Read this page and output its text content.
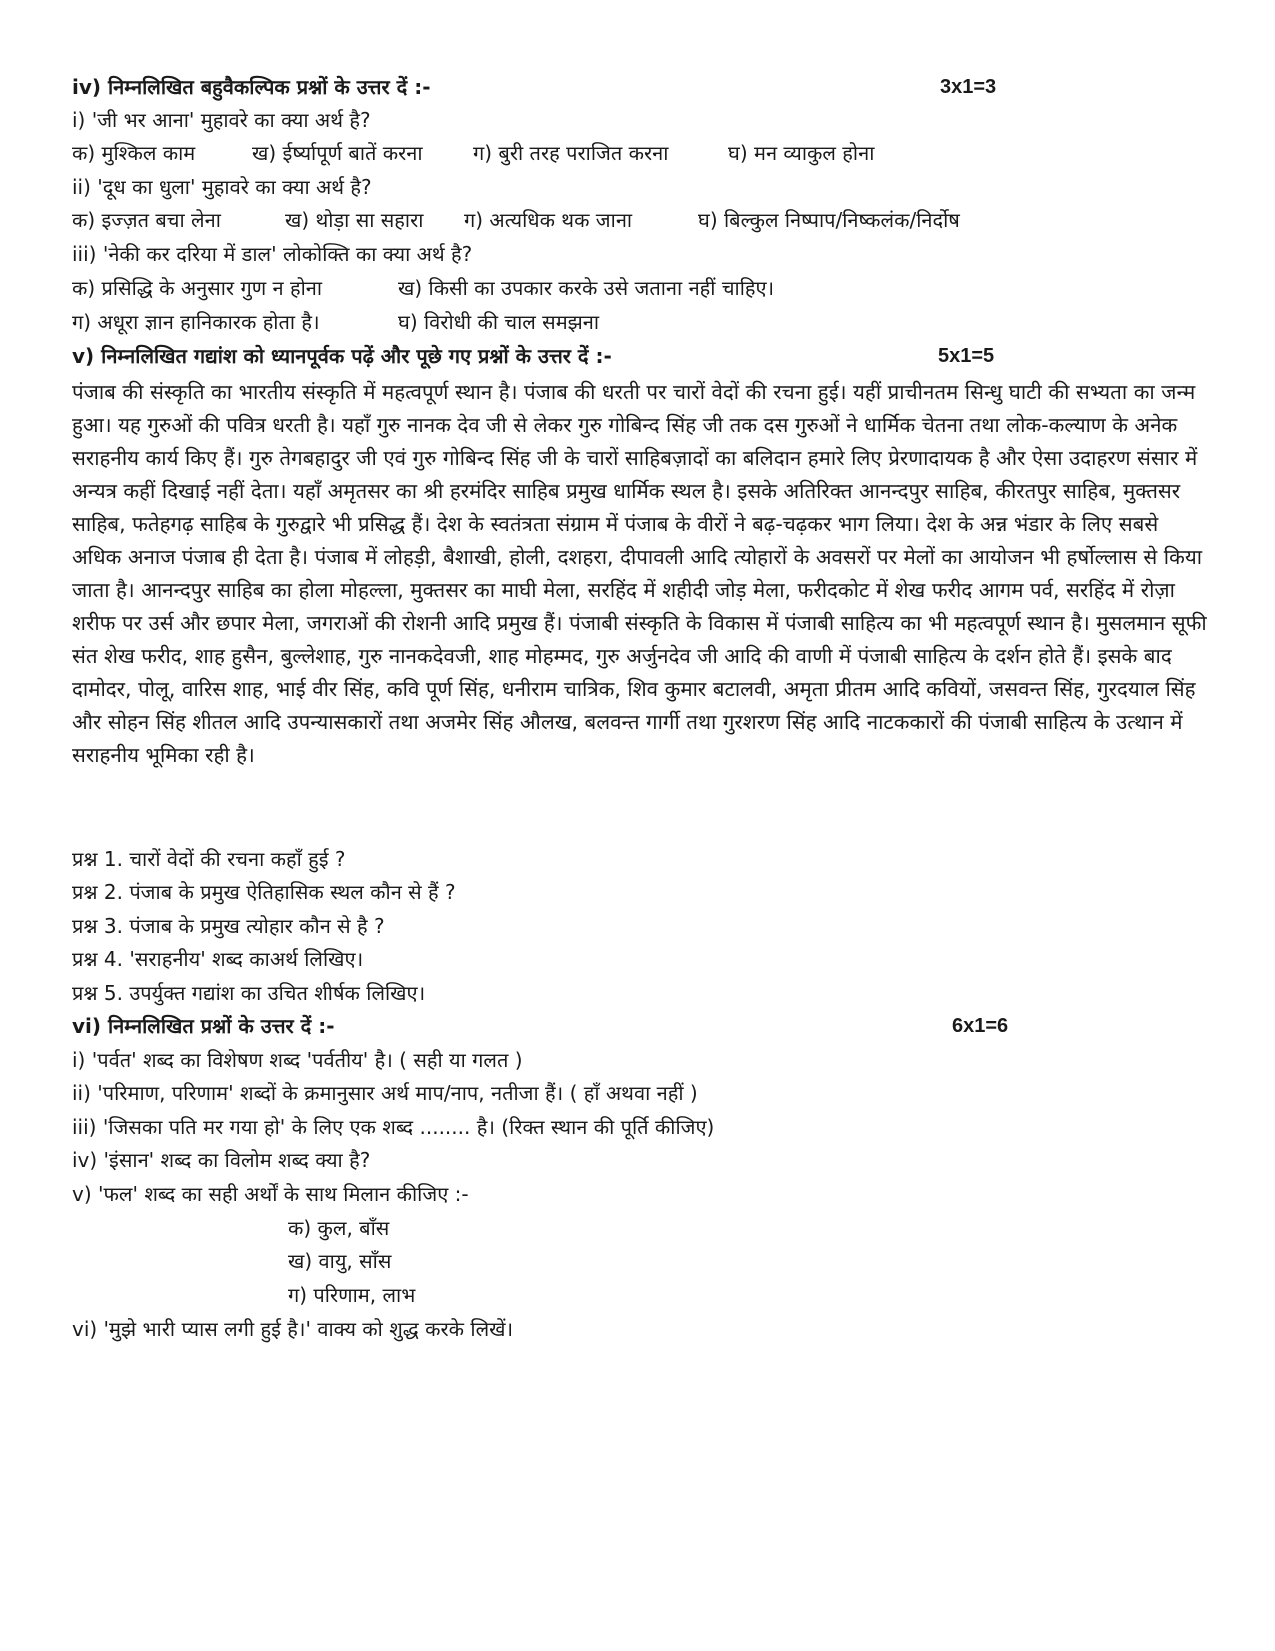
iv) निम्नलिखित बहुवैकल्पिक प्रश्नों के उत्तर दें :-	3x1=3
i) 'जी भर आना' मुहावरे का क्या अर्थ है?
क) मुश्किल काम	ख) ईर्ष्यापूर्ण बातें करना	ग) बुरी तरह पराजित करना	घ) मन व्याकुल होना
ii) 'दूध का धुला' मुहावरे का क्या अर्थ है?
क) इज्ज़त बचा लेना	ख) थोड़ा सा सहारा ग) अत्यधिक थक जाना	घ) बिल्कुल निष्पाप/निष्कलंक/निर्दोष
iii) 'नेकी कर दरिया में डाल' लोकोक्ति का क्या अर्थ है?
क) प्रसिद्धि के अनुसार गुण न होना	ख) किसी का उपकार करके उसे जताना नहीं चाहिए।
ग) अधूरा ज्ञान हानिकारक होता है।	घ) विरोधी की चाल समझना
v) निम्नलिखित गद्यांश को ध्यानपूर्वक पढ़ें और पूछे गए प्रश्नों के उत्तर दें :-	5x1=5
पंजाब की संस्कृति का भारतीय संस्कृति में महत्वपूर्ण स्थान है। पंजाब की धरती पर चारों वेदों की रचना हुई। यहीं प्राचीनतम सिन्धु घाटी की सभ्यता का जन्म हुआ। यह गुरुओं की पवित्र धरती है। यहाँ गुरु नानक देव जी से लेकर गुरु गोबिन्द सिंह जी तक दस गुरुओं ने धार्मिक चेतना तथा लोक-कल्याण के अनेक सराहनीय कार्य किए हैं। गुरु तेगबहादुर जी एवं गुरु गोबिन्द सिंह जी के चारों साहिबज़ादों का बलिदान हमारे लिए प्रेरणादायक है और ऐसा उदाहरण संसार में अन्यत्र कहीं दिखाई नहीं देता। यहाँ अमृतसर का श्री हरमंदिर साहिब प्रमुख धार्मिक स्थल है। इसके अतिरिक्त आनन्दपुर साहिब, कीरतपुर साहिब, मुक्तसर साहिब, फतेहगढ़ साहिब के गुरुद्वारे भी प्रसिद्ध हैं। देश के स्वतंत्रता संग्राम में पंजाब के वीरों ने बढ़-चढ़कर भाग लिया। देश के अन्न भंडार के लिए सबसे अधिक अनाज पंजाब ही देता है। पंजाब में लोहड़ी, बैशाखी, होली, दशहरा, दीपावली आदि त्योहारों के अवसरों पर मेलों का आयोजन भी हर्षोल्लास से किया जाता है। आनन्दपुर साहिब का होला मोहल्ला, मुक्तसर का माघी मेला, सरहिंद में शहीदी जोड़ मेला, फरीदकोट में शेख फरीद आगम पर्व, सरहिंद में रोज़ा शरीफ पर उर्स और छपार मेला, जगराओं की रोशनी आदि प्रमुख हैं। पंजाबी संस्कृति के विकास में पंजाबी साहित्य का भी महत्वपूर्ण स्थान है। मुसलमान सूफी संत शेख फरीद, शाह हुसैन, बुल्लेशाह, गुरु नानकदेवजी, शाह मोहम्मद, गुरु अर्जुनदेव जी आदि की वाणी में पंजाबी साहित्य के दर्शन होते हैं। इसके बाद दामोदर, पोलू, वारिस शाह, भाई वीर सिंह, कवि पूर्ण सिंह, धनीराम चात्रिक, शिव कुमार बटालवी, अमृता प्रीतम आदि कवियों, जसवन्त सिंह, गुरदयाल सिंह और सोहन सिंह शीतल आदि उपन्यासकारों तथा अजमेर सिंह औलख, बलवन्त गार्गी तथा गुरशरण सिंह आदि नाटककारों की पंजाबी साहित्य के उत्थान में सराहनीय भूमिका रही है।
प्रश्न 1. चारों वेदों की रचना कहाँ हुई ?
प्रश्न 2. पंजाब के प्रमुख ऐतिहासिक स्थल कौन से हैं ?
प्रश्न 3. पंजाब के प्रमुख त्योहार कौन से है ?
प्रश्न 4. 'सराहनीय' शब्द काअर्थ लिखिए।
प्रश्न 5. उपर्युक्त गद्यांश का उचित शीर्षक लिखिए।
vi) निम्नलिखित प्रश्नों के उत्तर दें :-	6x1=6
i) 'पर्वत' शब्द का विशेषण शब्द 'पर्वतीय' है। ( सही या गलत )
ii) 'परिमाण, परिणाम' शब्दों के क्रमानुसार अर्थ माप/नाप, नतीजा हैं। ( हाँ अथवा नहीं )
iii) 'जिसका पति मर गया हो' के लिए एक शब्द ........ है। (रिक्त स्थान की पूर्ति कीजिए)
iv) 'इंसान' शब्द का विलोम शब्द क्या है?
v) 'फल' शब्द का सही अर्थों के साथ मिलान कीजिए :-
क) कुल, बाँस
ख) वायु, साँस
ग) परिणाम, लाभ
vi) 'मुझे भारी प्यास लगी हुई है।' वाक्य को शुद्ध करके लिखें।
